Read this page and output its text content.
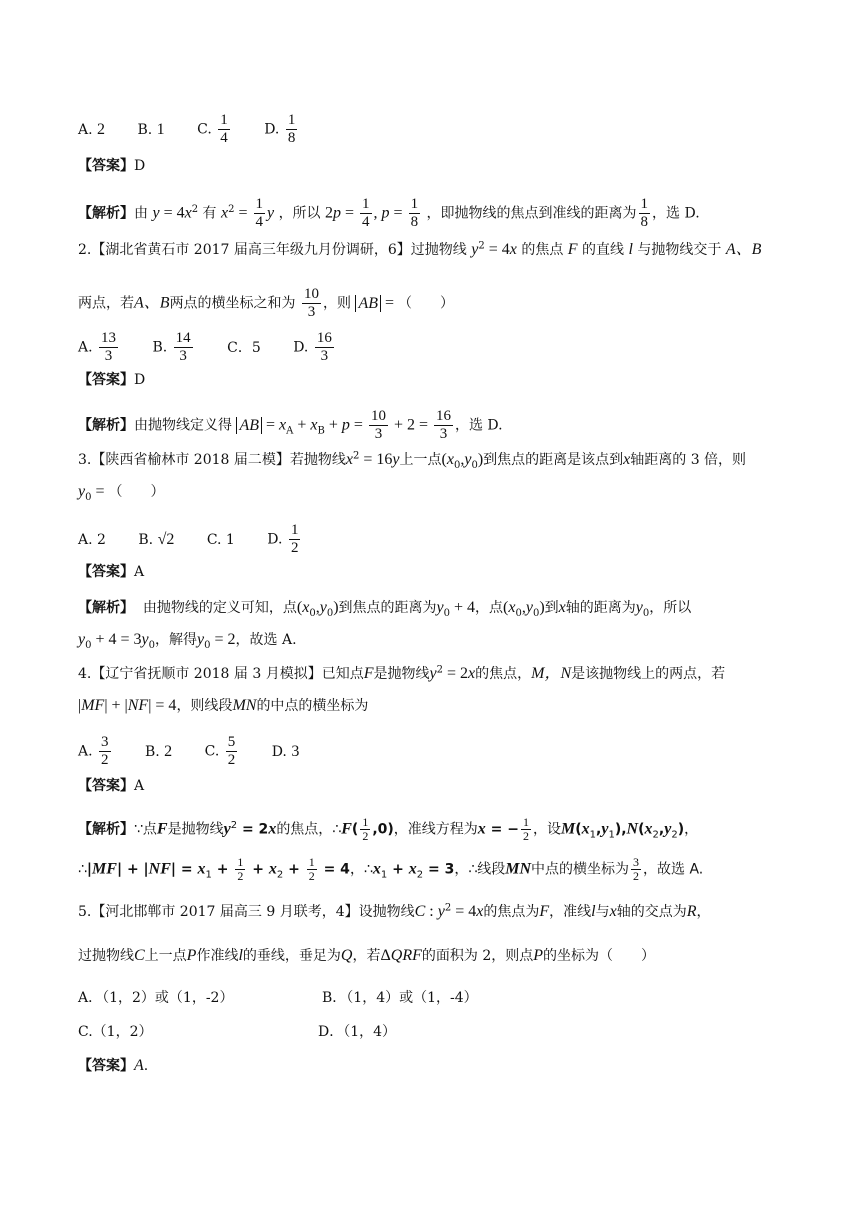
A. 2 B. 1 C. $\frac{1}{4} D$. $\frac{1}{8}$
【答案】D
【解析】由 $y = 4x^2$ 有 $x^2 = \frac{1}{4}$ y ，所以 $2p = \frac{1}{4}$ , $p = \frac{1}{8}$ ，即抛物线的焦点到准线的距离为 $\frac{1}{8}$ ，选 D.
2.【湖北省黄石市 2017 届高三年级九月份调研，6】过抛物线 $y^2 = 4x$ 的焦点 F 的直线 l 与抛物线交于 A、B
两点，若A、B两点的横坐标之和为 $\frac{10}{3}$ ，则 AB = （　　）
A. $\frac{13}{3} B$. $\frac{14}{3}$ C．5 D. $\frac{16}{3}$
【答案】D
【解析】由抛物线定义得 AB = $x_A + x_B + p = \frac{10}{3} + 2 = \frac{16}{3}$ ，选 D.
3.【陕西省榆林市 2018 届二模】若抛物线$x^2 = 16y$上一点$(x_0,y_0)$到焦点的距离是该点到x轴距离的 3 倍，则
$y_0$ = （　　）
A. 2 B. √2 C. 1 D. $\frac{1}{2}$
【答案】A
【解析】 由抛物线的定义可知，点$(x_0,y_0)$到焦点的距离为$y_0 + 4$，点$(x_0,y_0)$到x轴的距离为$y_0$，所以
$y_0 + 4 = 3y_0$，解得$y_0 = 2$，故选 A.
4.【辽宁省抚顺市 2018 届 3 月模拟】已知点F是抛物线$y^2 = 2x$的焦点，M，N是该抛物线上的两点，若
|MF| + |NF| = 4，则线段MN的中点的横坐标为
A. $\frac{3}{2} B$. 2 C. $\frac{5}{2} D$. 3
【答案】A
【解析】∵点F是抛物线$y^2 = 2x$的焦点，∴F( $\frac{1}{2} ,0$)，准线方程为x = − $\frac{1}{2}$ ，设$M(x_1,y_1),N(x_2,y_2)$，
∴|MF| + $|NF| = x_1 + \frac{1}{2} + x_2 + \frac{1}{2} = 4$，$\therefore x_1 + x_2 = 3$，∴线段MN中点的横坐标为 $\frac{3}{2}$ ，故选 A.
5.【河北邯郸市 2017 届高三 9 月联考，4】设抛物线C : $y^2 = 4x$的焦点为F，准线l与x轴的交点为R，
过抛物线C上一点P作准线l的垂线，垂足为Q，若ΔQRF的面积为 2，则点P的坐标为（　　）
A．（1，2）或（1，-2）	B．（1，4）或（1，-4）
C.（1，2）	D．（1，4）
【答案】A.
